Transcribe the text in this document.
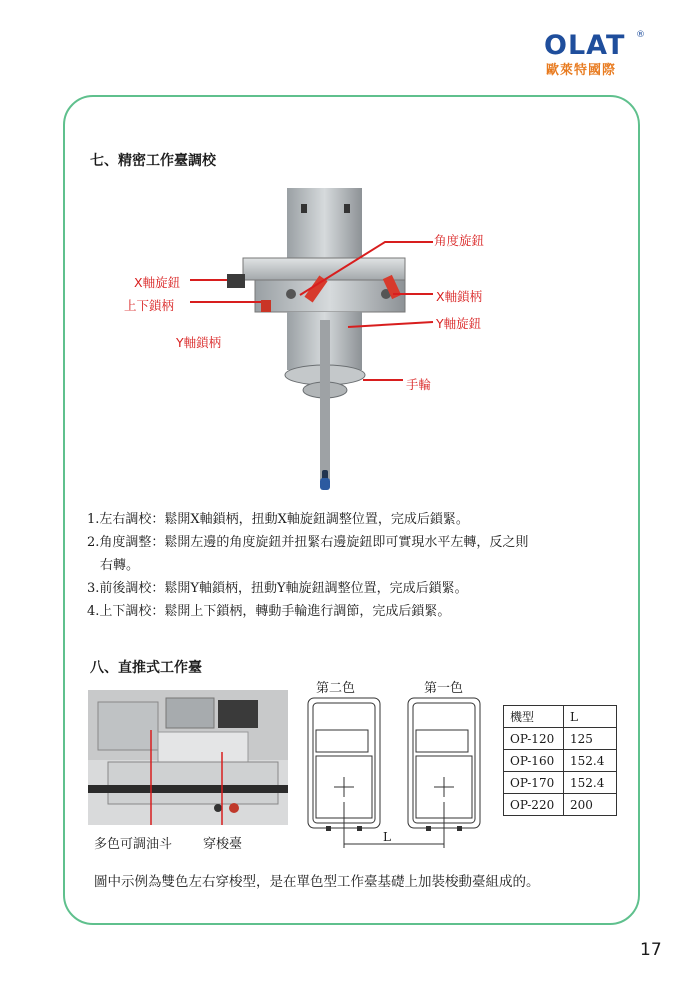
OLAT ®
歐萊特國際
七、精密工作臺調校
角度旋鈕
X軸旋鈕
上下鎖柄
Y軸鎖柄
X軸鎖柄
Y軸旋鈕
手輪

1.左右調校：鬆開X軸鎖柄，扭動X軸旋鈕調整位置，完成后鎖緊。

2.角度調整：鬆開左邊的角度旋鈕并扭緊右邊旋鈕即可實現水平左轉，反之則

右轉。

3.前後調校：鬆開Y軸鎖柄，扭動Y軸旋鈕調整位置，完成后鎖緊。

4.上下調校：鬆開上下鎖柄，轉動手輪進行調節，完成后鎖緊。

八、直推式工作臺
多色可調油斗 穿梭臺
第二色	第一色
L
機型	L
OP-120	125
OP-160	152.4
OP-170	152.4
OP-220	200
圖中示例為雙色左右穿梭型，是在單色型工作臺基礎上加裝梭動臺組成的。
17
